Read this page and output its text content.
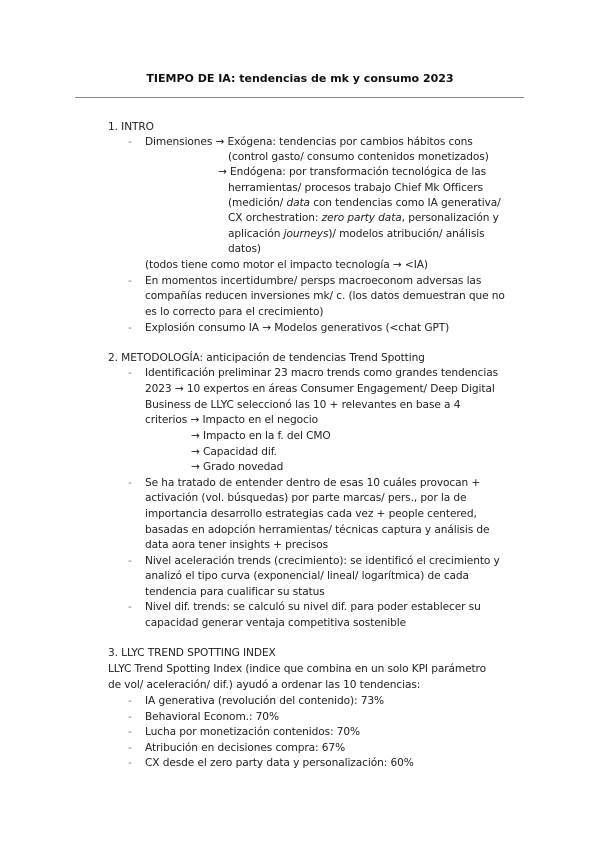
TIEMPO DE IA: tendencias de mk y consumo 2023
1. INTRO
- Dimensiones → Exógena: tendencias por cambios hábitos cons
(control gasto/ consumo contenidos monetizados)
→ Endógena: por transformación tecnológica de las
herramientas/ procesos trabajo Chief Mk Officers
(medición/ data con tendencias como IA generativa/
CX orchestration: zero party data, personalización y
aplicación journeys)/ modelos atribución/ análisis
datos)
(todos tiene como motor el impacto tecnología → <IA)
- En momentos incertidumbre/ persps macroeconom adversas las
compañías reducen inversiones mk/ c. (los datos demuestran que no
es lo correcto para el crecimiento)
- Explosión consumo IA → Modelos generativos (<chat GPT)
2. METODOLOGÍA: anticipación de tendencias Trend Spotting
- Identificación preliminar 23 macro trends como grandes tendencias
2023 → 10 expertos en áreas Consumer Engagement/ Deep Digital
Business de LLYC seleccionó las 10 + relevantes en base a 4
criterios → Impacto en el negocio
→ Impacto en la f. del CMO
→ Capacidad dif.
→ Grado novedad
- Se ha tratado de entender dentro de esas 10 cuáles provocan +
activación (vol. búsquedas) por parte marcas/ pers., por la de
importancia desarrollo estrategias cada vez + people centered,
basadas en adopción herramientas/ técnicas captura y análisis de
data aora tener insights + precisos
- Nivel aceleración trends (crecimiento): se identificó el crecimiento y
analizó el tipo curva (exponencial/ lineal/ logarítmica) de cada
tendencia para cualificar su status
- Nivel dif. trends: se calculó su nivel dif. para poder establecer su
capacidad generar ventaja competitiva sostenible
3. LLYC TREND SPOTTING INDEX
LLYC Trend Spotting Index (indice que combina en un solo KPI parámetro
de vol/ aceleración/ dif.) ayudó a ordenar las 10 tendencias:
- IA generativa (revolución del contenido): 73%
- Behavioral Econom.: 70%
- Lucha por monetización contenidos: 70%
- Atribución en decisiones compra: 67%
- CX desde el zero party data y personalización: 60%
